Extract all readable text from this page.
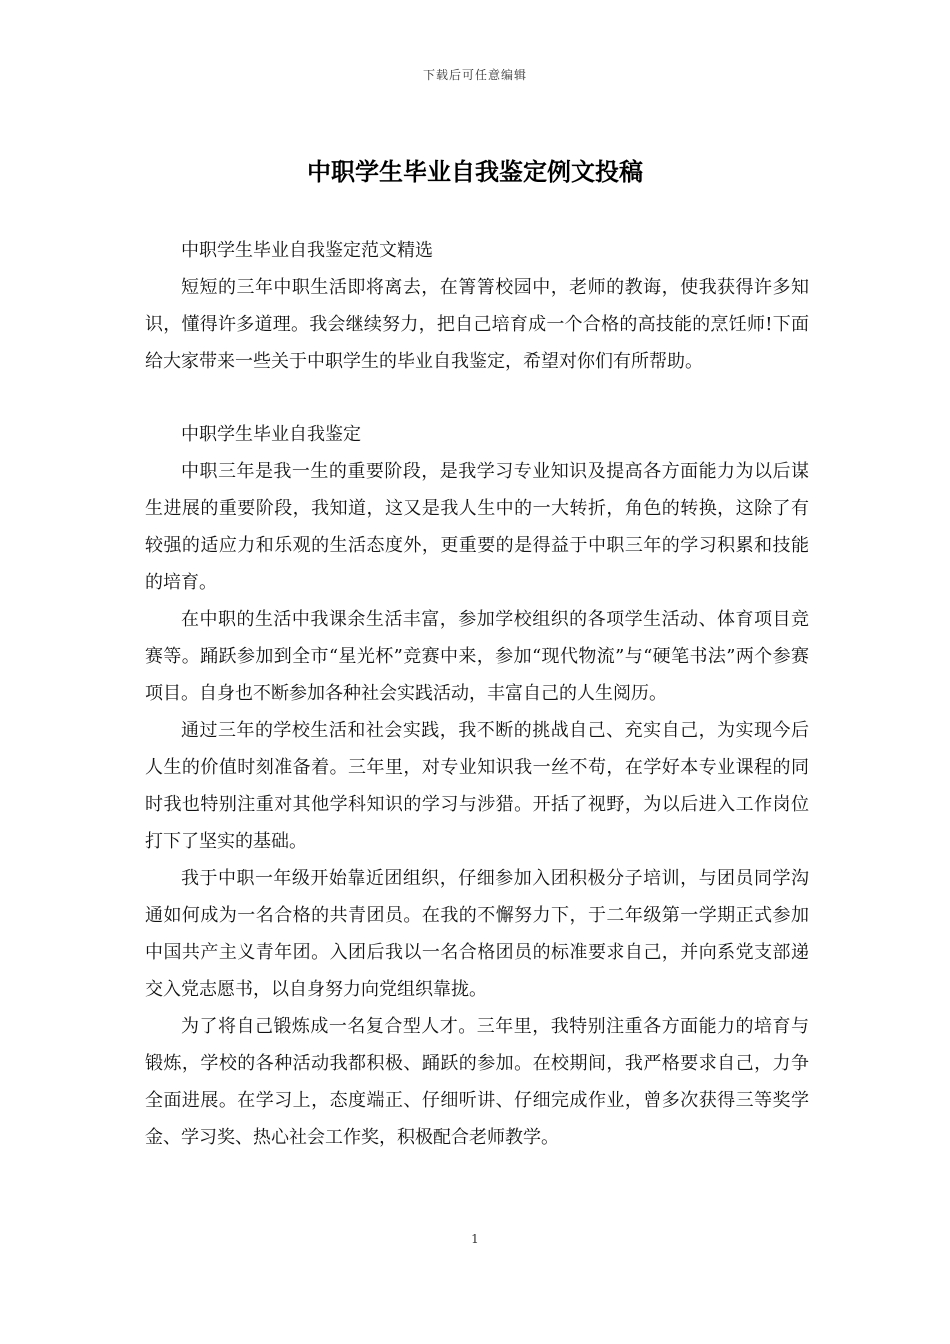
下载后可任意编辑
中职学生毕业自我鉴定例文投稿

中职学生毕业自我鉴定范文精选

短短的三年中职生活即将离去，在箐箐校园中，老师的教诲，使我获得许多知识，懂得许多道理。我会继续努力，把自己培育成一个合格的高技能的烹饪师!下面给大家带来一些关于中职学生的毕业自我鉴定，希望对你们有所帮助。

中职学生毕业自我鉴定

中职三年是我一生的重要阶段，是我学习专业知识及提高各方面能力为以后谋生进展的重要阶段，我知道，这又是我人生中的一大转折，角色的转换，这除了有较强的适应力和乐观的生活态度外，更重要的是得益于中职三年的学习积累和技能的培育。

在中职的生活中我课余生活丰富，参加学校组织的各项学生活动、体育项目竞赛等。踊跃参加到全市“星光杯”竞赛中来，参加“现代物流”与“硬笔书法”两个参赛项目。自身也不断参加各种社会实践活动，丰富自己的人生阅历。

通过三年的学校生活和社会实践，我不断的挑战自己、充实自己，为实现今后人生的价值时刻准备着。三年里，对专业知识我一丝不苟，在学好本专业课程的同时我也特别注重对其他学科知识的学习与涉猎。开括了视野，为以后进入工作岗位打下了坚实的基础。

我于中职一年级开始靠近团组织，仔细参加入团积极分子培训，与团员同学沟通如何成为一名合格的共青团员。在我的不懈努力下，于二年级第一学期正式参加中国共产主义青年团。入团后我以一名合格团员的标准要求自己，并向系党支部递交入党志愿书，以自身努力向党组织靠拢。

为了将自己锻炼成一名复合型人才。三年里，我特别注重各方面能力的培育与锻炼，学校的各种活动我都积极、踊跃的参加。在校期间，我严格要求自己，力争全面进展。在学习上，态度端正、仔细听讲、仔细完成作业，曾多次获得三等奖学金、学习奖、热心社会工作奖，积极配合老师教学。

1
